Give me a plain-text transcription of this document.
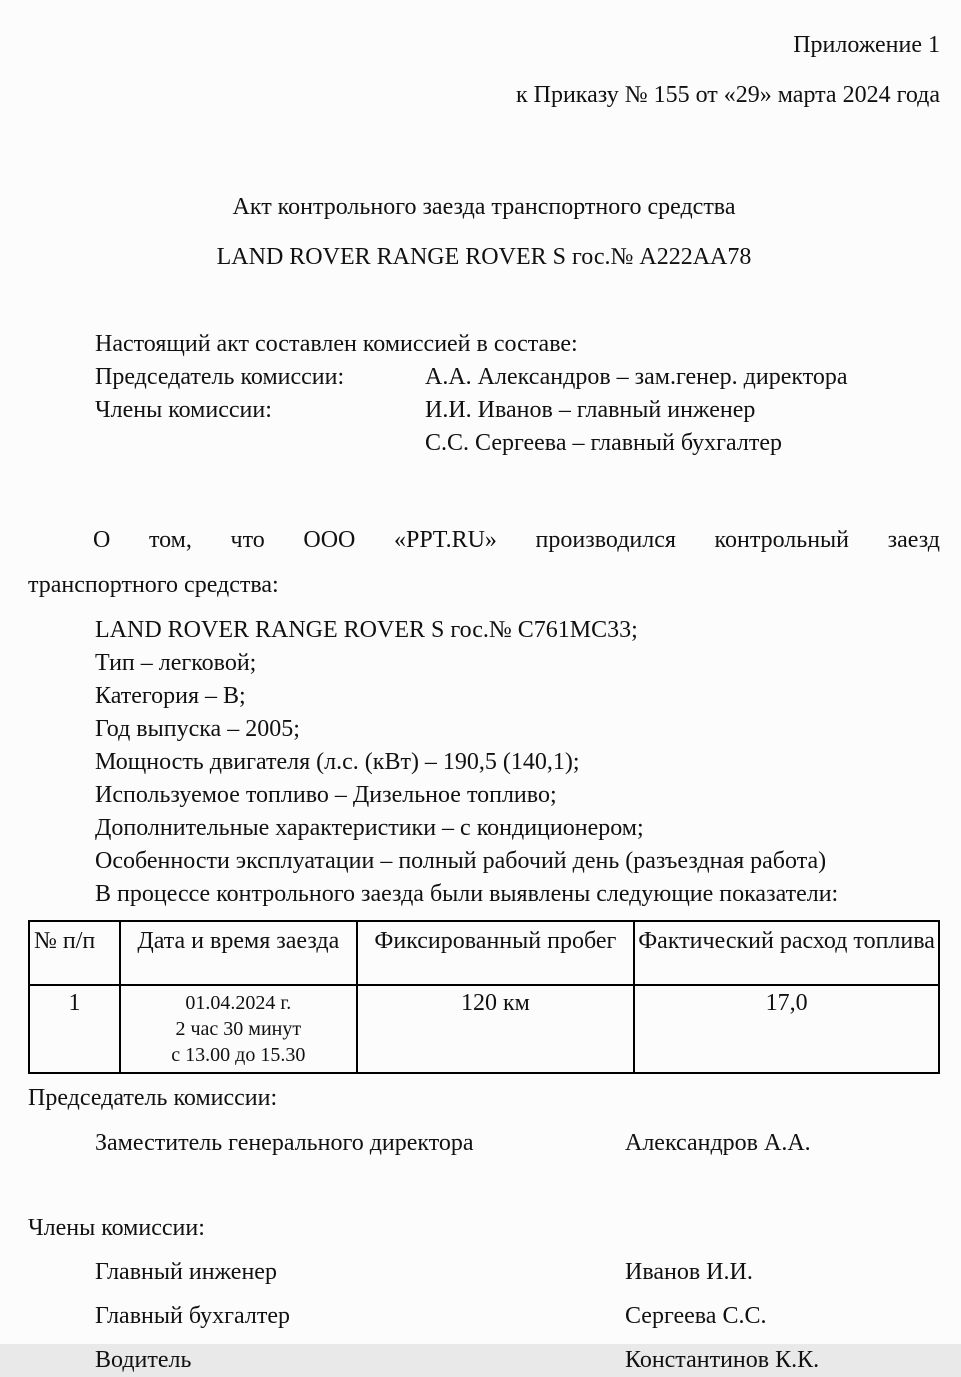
Приложение 1
к Приказу № 155 от «29» марта 2024 года
Акт контрольного заезда транспортного средства
LAND ROVER RANGE ROVER S гос.№ А222АА78
Настоящий акт составлен комиссией в составе:
Председатель комиссии:	А.А. Александров – зам.генер. директора
Члены комиссии:	И.И. Иванов – главный инженер
С.С. Сергеева – главный бухгалтер
О том, что ООО «PPT.RU» производился контрольный заезд
транспортного средства:
LAND ROVER RANGE ROVER S гос.№ С761МС33;
Тип – легковой;
Категория – В;
Год выпуска – 2005;
Мощность двигателя (л.с. (кВт) – 190,5 (140,1);
Используемое топливо – Дизельное топливо;
Дополнительные характеристики – с кондиционером;
Особенности эксплуатации – полный рабочий день (разъездная работа)
В процессе контрольного заезда были выявлены следующие показатели:
№ п/п	Дата и время заезда	Фиксированный пробег	Фактический расход топлива
1	01.04.2024 г.
2 час 30 минут
с 13.00 до 15.30	120 км	17,0
Председатель комиссии:
Заместитель генерального директора	Александров А.А.
Члены комиссии:
Главный инженер	Иванов И.И.
Главный бухгалтер	Сергеева С.С.
Водитель	Константинов К.К.
